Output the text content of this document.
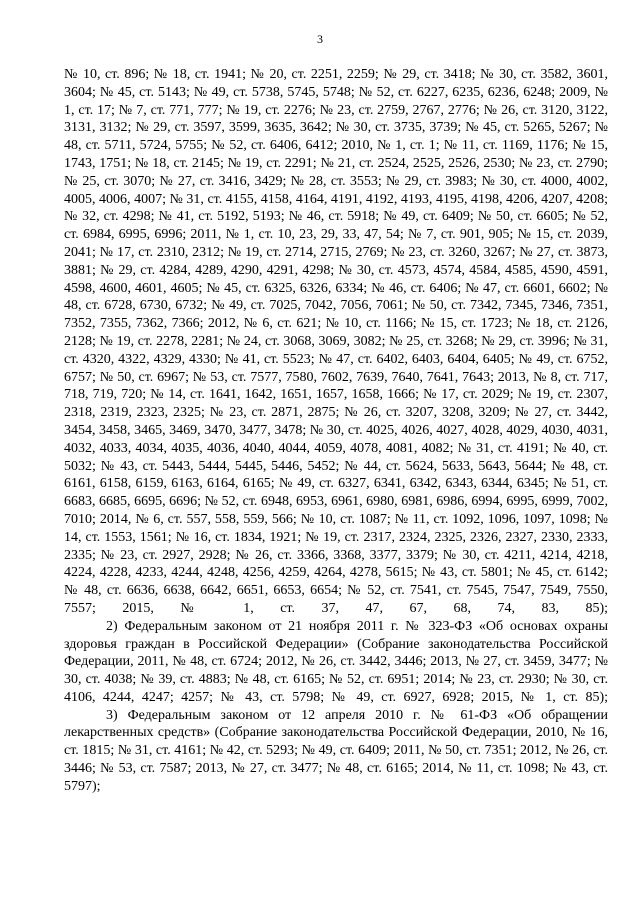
3

№ 10, ст. 896; № 18, ст. 1941; № 20, ст. 2251, 2259; № 29, ст. 3418; № 30, ст. 3582, 3601, 3604; № 45, ст. 5143; № 49, ст. 5738, 5745, 5748; № 52, ст. 6227, 6235, 6236, 6248; 2009, № 1, ст. 17; № 7, ст. 771, 777; № 19, ст. 2276; № 23, ст. 2759, 2767, 2776; № 26, ст. 3120, 3122, 3131, 3132; № 29, ст. 3597, 3599, 3635, 3642; № 30, ст. 3735, 3739; № 45, ст. 5265, 5267; № 48, ст. 5711, 5724, 5755; № 52, ст. 6406, 6412; 2010, № 1, ст. 1; № 11, ст. 1169, 1176; № 15, 1743, 1751; № 18, ст. 2145; № 19, ст. 2291; № 21, ст. 2524, 2525, 2526, 2530; № 23, ст. 2790; № 25, ст. 3070; № 27, ст. 3416, 3429; № 28, ст. 3553; № 29, ст. 3983; № 30, ст. 4000, 4002, 4005, 4006, 4007; № 31, ст. 4155, 4158, 4164, 4191, 4192, 4193, 4195, 4198, 4206, 4207, 4208; № 32, ст. 4298; № 41, ст. 5192, 5193; № 46, ст. 5918; № 49, ст. 6409; № 50, ст. 6605; № 52, ст. 6984, 6995, 6996; 2011, № 1, ст. 10, 23, 29, 33, 47, 54; № 7, ст. 901, 905; № 15, ст. 2039, 2041; № 17, ст. 2310, 2312; № 19, ст. 2714, 2715, 2769; № 23, ст. 3260, 3267; № 27, ст. 3873, 3881; № 29, ст. 4284, 4289, 4290, 4291, 4298; № 30, ст. 4573, 4574, 4584, 4585, 4590, 4591, 4598, 4600, 4601, 4605; № 45, ст. 6325, 6326, 6334; № 46, ст. 6406; № 47, ст. 6601, 6602; № 48, ст. 6728, 6730, 6732; № 49, ст. 7025, 7042, 7056, 7061; № 50, ст. 7342, 7345, 7346, 7351, 7352, 7355, 7362, 7366; 2012, № 6, ст. 621; № 10, ст. 1166; № 15, ст. 1723; № 18, ст. 2126, 2128; № 19, ст. 2278, 2281; № 24, ст. 3068, 3069, 3082; № 25, ст. 3268; № 29, ст. 3996; № 31, ст. 4320, 4322, 4329, 4330; № 41, ст. 5523; № 47, ст. 6402, 6403, 6404, 6405; № 49, ст. 6752, 6757; № 50, ст. 6967; № 53, ст. 7577, 7580, 7602, 7639, 7640, 7641, 7643; 2013, № 8, ст. 717, 718, 719, 720; № 14, ст. 1641, 1642, 1651, 1657, 1658, 1666; № 17, ст. 2029; № 19, ст. 2307, 2318, 2319, 2323, 2325; № 23, ст. 2871, 2875; № 26, ст. 3207, 3208, 3209; № 27, ст. 3442, 3454, 3458, 3465, 3469, 3470, 3477, 3478; № 30, ст. 4025, 4026, 4027, 4028, 4029, 4030, 4031, 4032, 4033, 4034, 4035, 4036, 4040, 4044, 4059, 4078, 4081, 4082; № 31, ст. 4191; № 40, ст. 5032; № 43, ст. 5443, 5444, 5445, 5446, 5452; № 44, ст. 5624, 5633, 5643, 5644; № 48, ст. 6161, 6158, 6159, 6163, 6164, 6165; № 49, ст. 6327, 6341, 6342, 6343, 6344, 6345; № 51, ст. 6683, 6685, 6695, 6696; № 52, ст. 6948, 6953, 6961, 6980, 6981, 6986, 6994, 6995, 6999, 7002, 7010; 2014, № 6, ст. 557, 558, 559, 566; № 10, ст. 1087; № 11, ст. 1092, 1096, 1097, 1098; № 14, ст. 1553, 1561; № 16, ст. 1834, 1921; № 19, ст. 2317, 2324, 2325, 2326, 2327, 2330, 2333, 2335; № 23, ст. 2927, 2928; № 26, ст. 3366, 3368, 3377, 3379; № 30, ст. 4211, 4214, 4218, 4224, 4228, 4233, 4244, 4248, 4256, 4259, 4264, 4278, 5615; № 43, ст. 5801; № 45, ст. 6142; № 48, ст. 6636, 6638, 6642, 6651, 6653, 6654; № 52, ст. 7541, ст. 7545, 7547, 7549, 7550, 7557; 2015, № 1, ст. 37, 47, 67, 68, 74, 83, 85);

2) Федеральным законом от 21 ноября 2011 г. № 323-ФЗ «Об основах охраны здоровья граждан в Российской Федерации» (Собрание законодательства Российской Федерации, 2011, № 48, ст. 6724; 2012, № 26, ст. 3442, 3446; 2013, № 27, ст. 3459, 3477; № 30, ст. 4038; № 39, ст. 4883; № 48, ст. 6165; № 52, ст. 6951; 2014; № 23, ст. 2930; № 30, ст. 4106, 4244, 4247; 4257; № 43, ст. 5798; № 49, ст. 6927, 6928; 2015, № 1, ст. 85);

3) Федеральным законом от 12 апреля 2010 г. № 61-ФЗ «Об обращении лекарственных средств» (Собрание законодательства Российской Федерации, 2010, № 16, ст. 1815; № 31, ст. 4161; № 42, ст. 5293; № 49, ст. 6409; 2011, № 50, ст. 7351; 2012, № 26, ст. 3446; № 53, ст. 7587; 2013, № 27, ст. 3477; № 48, ст. 6165; 2014, № 11, ст. 1098; № 43, ст. 5797);
